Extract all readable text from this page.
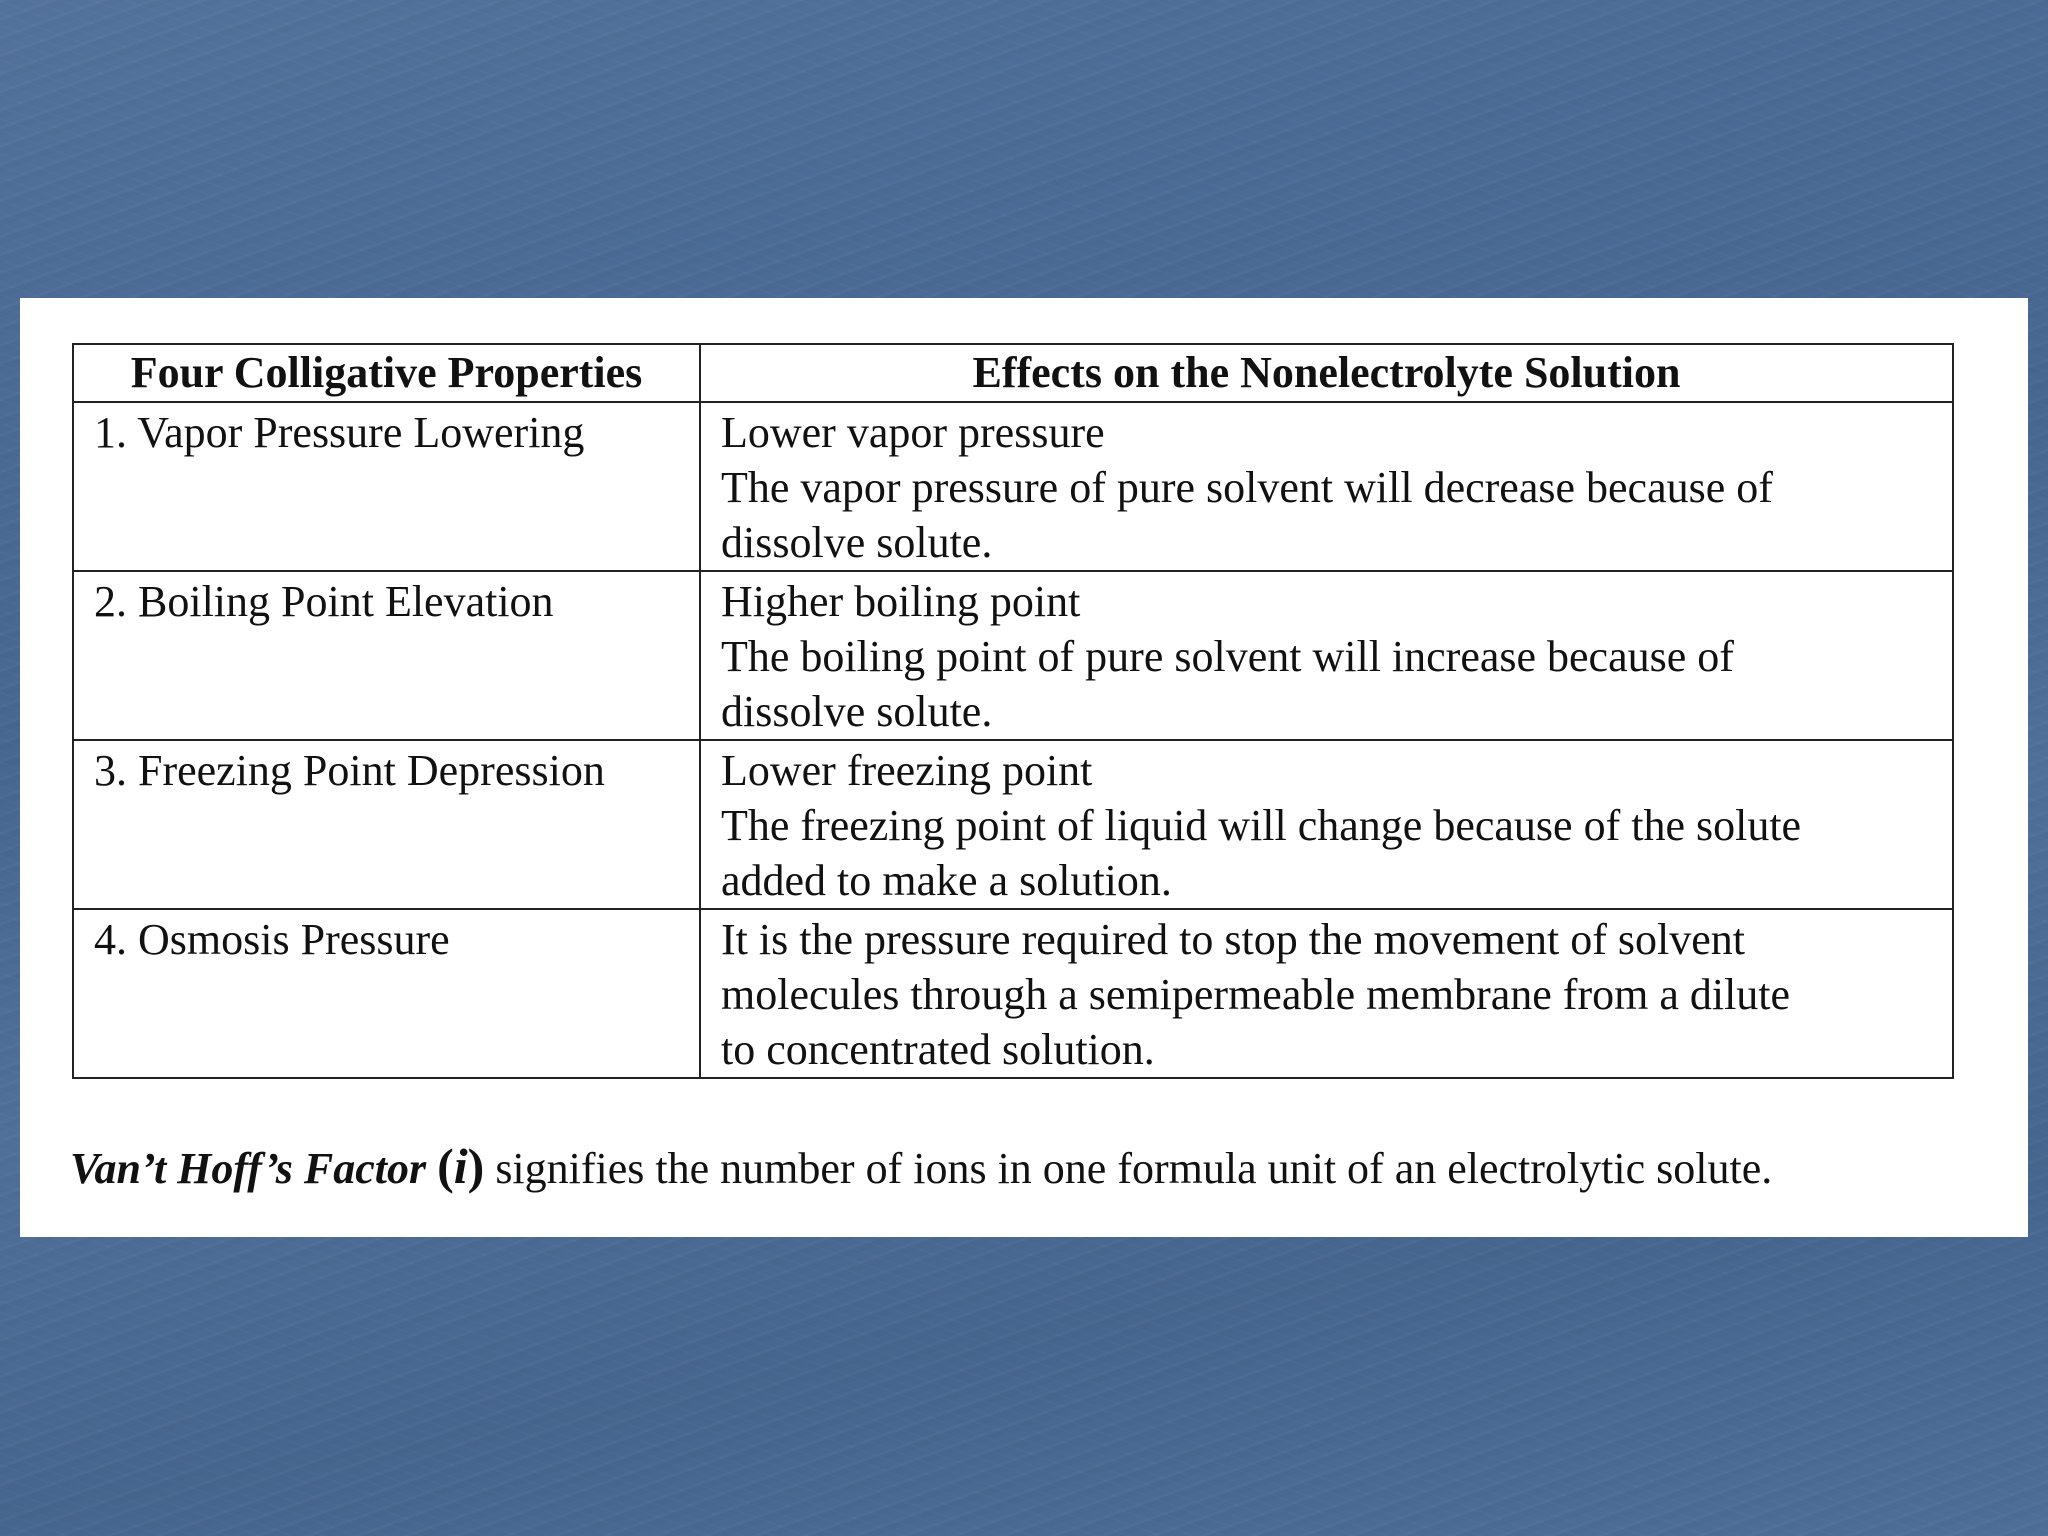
Four Colligative Properties	Effects on the Nonelectrolyte Solution
1. Vapor Pressure Lowering	Lower vapor pressure
The vapor pressure of pure solvent will decrease because of
dissolve solute.

2. Boiling Point Elevation	Higher boiling point
The boiling point of pure solvent will increase because of
dissolve solute.

3. Freezing Point Depression	Lower freezing point
The freezing point of liquid will change because of the solute
added to make a solution.

4. Osmosis Pressure	It is the pressure required to stop the movement of solvent
molecules through a semipermeable membrane from a dilute
to concentrated solution.
Van’t Hoff’s Factor (i) signifies the number of ions in one formula unit of an electrolytic solute.
